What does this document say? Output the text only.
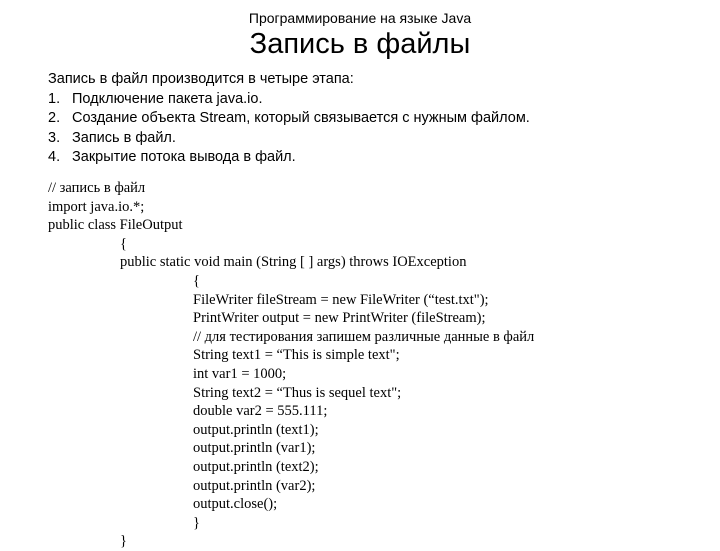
Программирование на языке Java
Запись в файлы
Запись в файл производится в четыре этапа:
1. Подключение пакета java.io.
2. Создание объекта Stream, который связывается с нужным файлом.
3. Запись в файл.
4. Закрытие потока вывода в файл.
// запись в файл
import java.io.*;
public class FileOutput
{
public static void main (String [ ] args) throws IOException
{
FileWriter fileStream = new FileWriter (“test.txt");
PrintWriter output = new PrintWriter (fileStream);
// для тестирования запишем различные данные в файл
String text1 = “This is simple text";
int var1 = 1000;
String text2 = “Thus is sequel text";
double var2 = 555.111;
output.println (text1);
output.println (var1);
output.println (text2);
output.println (var2);
output.close();
}
}
